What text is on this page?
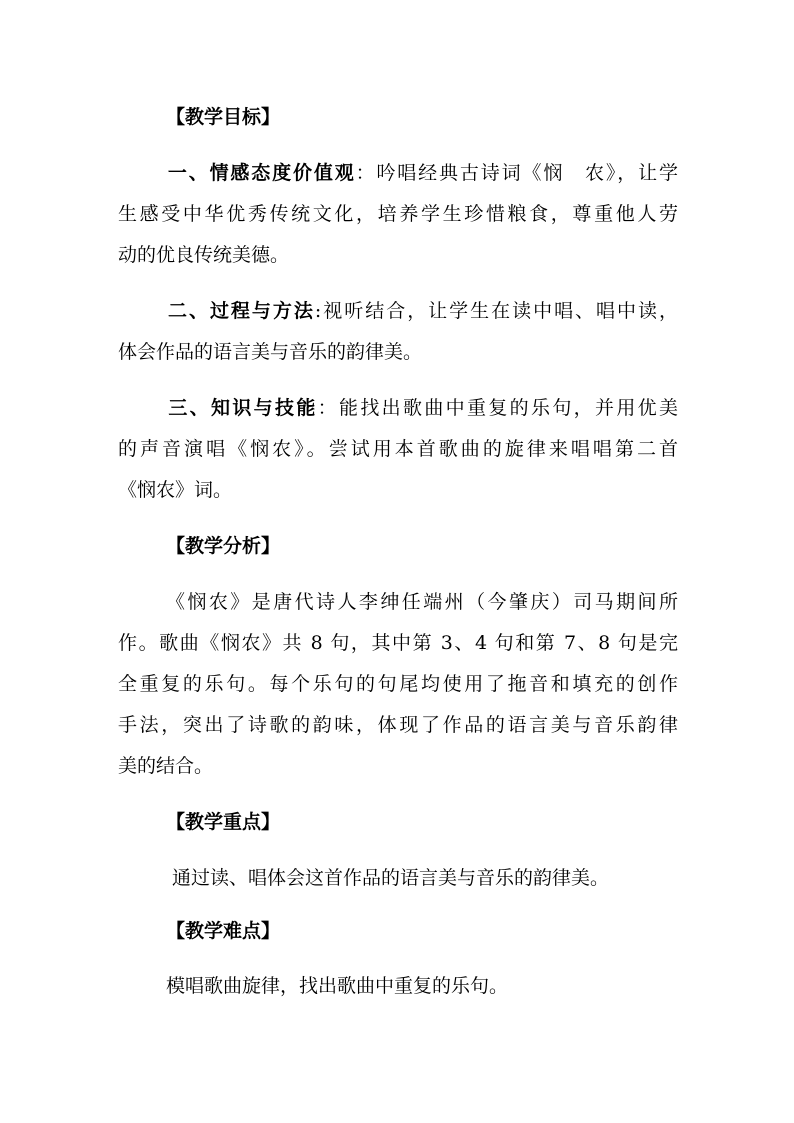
【教学目标】
一、情感态度价值观：吟唱经典古诗词《悯　农》，让学
生感受中华优秀传统文化，培养学生珍惜粮食，尊重他人劳
动的优良传统美德。
二、过程与方法:视听结合，让学生在读中唱、唱中读，
体会作品的语言美与音乐的韵律美。
三、知识与技能：能找出歌曲中重复的乐句，并用优美
的声音演唱《悯农》。尝试用本首歌曲的旋律来唱唱第二首
《悯农》词。
【教学分析】
《悯农》是唐代诗人李绅任端州（今肇庆）司马期间所
作。歌曲《悯农》共 8 句，其中第 3、4 句和第 7、8 句是完
全重复的乐句。每个乐句的句尾均使用了拖音和填充的创作
手法，突出了诗歌的韵味，体现了作品的语言美与音乐韵律
美的结合。
【教学重点】
通过读、唱体会这首作品的语言美与音乐的韵律美。
【教学难点】
模唱歌曲旋律，找出歌曲中重复的乐句。
